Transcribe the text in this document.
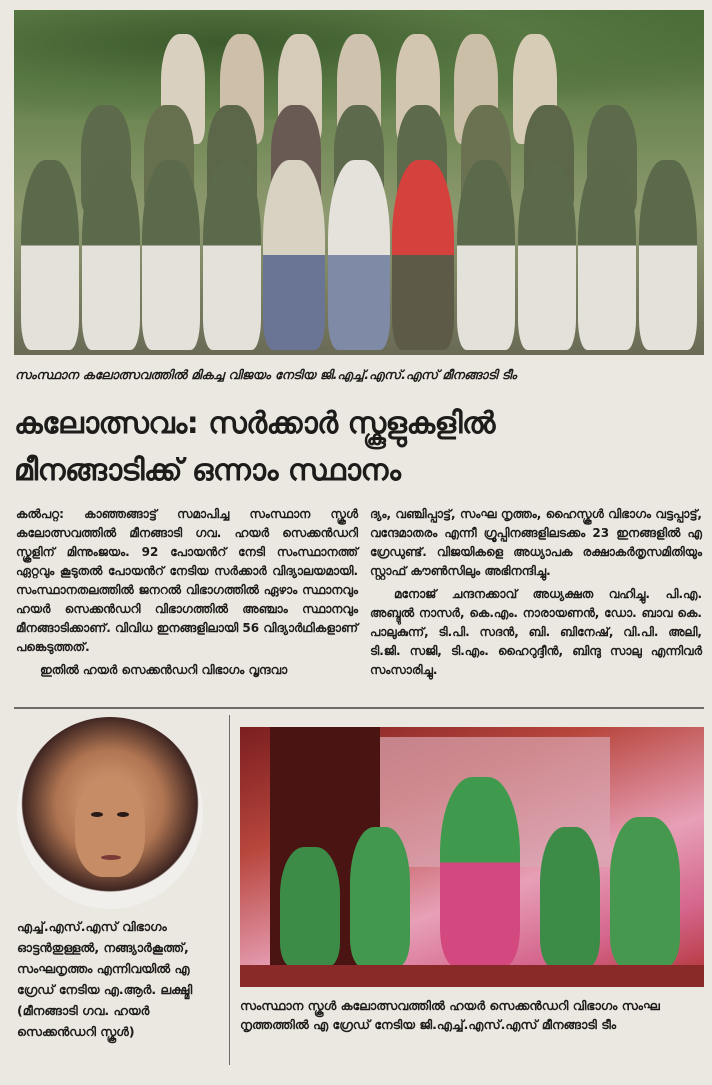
സംസ്ഥാന കലോത്സവത്തിൽ മികച്ച വിജയം നേടിയ ജി.എച്ച്.എസ്.എസ് മീനങ്ങാടി ടീം
കലോത്സവം: സർക്കാർ സ്കൂളുകളിൽ
മീനങ്ങാടിക്ക് ഒന്നാം സ്ഥാനം

കൽപറ്റ: കാഞ്ഞങ്ങാട്ട് സമാപിച്ച സംസ്ഥാന സ്കൂൾ കലോത്സവത്തിൽ മീനങ്ങാടി ഗവ. ഹയർ സെക്കൻഡറി സ്കൂളിന് മിന്നുംജയം. 92 പോയൻറ് നേടി സംസ്ഥാനത്ത് ഏറ്റവും കൂടുതൽ പോയൻറ് നേടിയ സർക്കാർ വിദ്യാലയമായി. സംസ്ഥാനതലത്തിൽ ജനറൽ വിഭാഗത്തിൽ ഏഴാം സ്ഥാനവും ഹയർ സെക്കൻഡറി വിഭാഗത്തിൽ അഞ്ചാം സ്ഥാനവും മീനങ്ങാടിക്കാണ്. വിവിധ ഇനങ്ങളിലായി 56 വിദ്യാർഥികളാണ് പങ്കെടുത്തത്.

ഇതിൽ ഹയർ സെക്കൻഡറി വിഭാഗം വൃന്ദവാ

ദ്യം, വഞ്ചിപ്പാട്ട്, സംഘ നൃത്തം, ഹൈസ്കൂൾ വിഭാഗം വട്ടപ്പാട്ട്, വന്ദേമാതരം എന്നീ ഗ്രൂപ്പിനങ്ങളിലടക്കം 23 ഇനങ്ങളിൽ എ ഗ്രേഡുണ്ട്. വിജയികളെ അധ്യാപക രക്ഷാകർതൃസമിതിയും സ്റ്റാഫ് കൗൺസിലും അഭിനന്ദിച്ചു.

മനോജ് ചന്ദനക്കാവ് അധ്യക്ഷത വഹിച്ചു. പി.എ. അബ്ദുൽ നാസർ, കെ.എം. നാരായണൻ, ഡോ. ബാവ കെ. പാലുകുന്ന്, ടി.പി. സദൻ, ബി. ബിനേഷ്, വി.പി. അലി, ടി.ജി. സജി, ടി.എം. ഹൈറുദ്ദീൻ, ബിന്ദു സാലു എന്നിവർ സംസാരിച്ചു.

എച്ച്.എസ്.എസ് വിഭാഗം ഓട്ടൻതുള്ളൽ, നങ്ങ്യാർകൂത്ത്, സംഘനൃത്തം എന്നിവയിൽ എ ഗ്രേഡ് നേടിയ എ.ആർ. ലക്ഷ്മി (മീനങ്ങാടി ഗവ. ഹയർ സെക്കൻഡറി സ്കൂൾ)
സംസ്ഥാന സ്കൂൾ കലോത്സവത്തിൽ ഹയർ സെക്കൻഡറി വിഭാഗം സംഘ നൃത്തത്തിൽ എ ഗ്രേഡ് നേടിയ ജി.എച്ച്.എസ്.എസ് മീനങ്ങാടി ടീം
